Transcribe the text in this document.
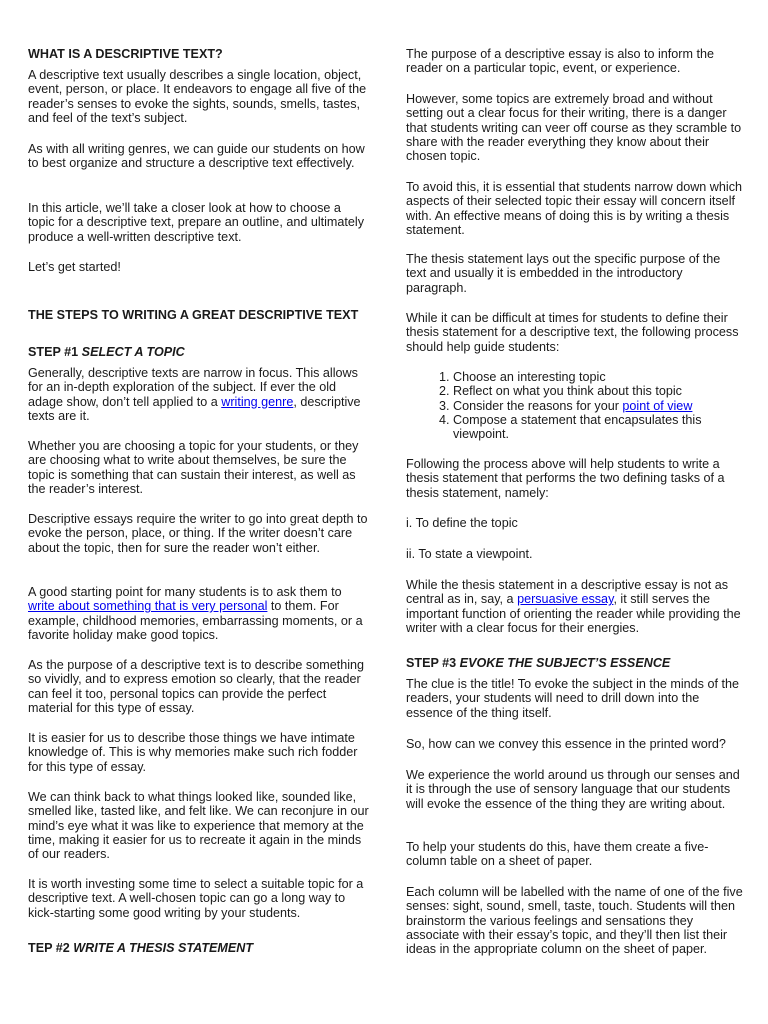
WHAT IS A DESCRIPTIVE TEXT?

A descriptive text usually describes a single location, object, event, person, or place. It endeavors to engage all five of the reader’s senses to evoke the sights, sounds, smells, tastes, and feel of the text’s subject.

As with all writing genres, we can guide our students on how to best organize and structure a descriptive text effectively.

In this article, we’ll take a closer look at how to choose a topic for a descriptive text, prepare an outline, and ultimately produce a well-written descriptive text.

Let’s get started!

THE STEPS TO WRITING A GREAT DESCRIPTIVE TEXT
STEP #1 SELECT A TOPIC

Generally, descriptive texts are narrow in focus. This allows for an in-depth exploration of the subject. If ever the old adage show, don’t tell applied to a writing genre, descriptive texts are it.

Whether you are choosing a topic for your students, or they are choosing what to write about themselves, be sure the topic is something that can sustain their interest, as well as the reader’s interest.

Descriptive essays require the writer to go into great depth to evoke the person, place, or thing. If the writer doesn’t care about the topic, then for sure the reader won’t either.

A good starting point for many students is to ask them to write about something that is very personal to them. For example, childhood memories, embarrassing moments, or a favorite holiday make good topics.

As the purpose of a descriptive text is to describe something so vividly, and to express emotion so clearly, that the reader can feel it too, personal topics can provide the perfect material for this type of essay.

It is easier for us to describe those things we have intimate knowledge of. This is why memories make such rich fodder for this type of essay.

We can think back to what things looked like, sounded like, smelled like, tasted like, and felt like. We can reconjure in our mind’s eye what it was like to experience that memory at the time, making it easier for us to recreate it again in the minds of our readers.

It is worth investing some time to select a suitable topic for a descriptive text. A well-chosen topic can go a long way to kick-starting some good writing by your students.

TEP #2 WRITE A THESIS STATEMENT

The purpose of a descriptive essay is also to inform the reader on a particular topic, event, or experience.

However, some topics are extremely broad and without setting out a clear focus for their writing, there is a danger that students writing can veer off course as they scramble to share with the reader everything they know about their chosen topic.

To avoid this, it is essential that students narrow down which aspects of their selected topic their essay will concern itself with. An effective means of doing this is by writing a thesis statement.

The thesis statement lays out the specific purpose of the text and usually it is embedded in the introductory paragraph.

While it can be difficult at times for students to define their thesis statement for a descriptive text, the following process should help guide students:

1. Choose an interesting topic
2. Reflect on what you think about this topic
3. Consider the reasons for your point of view
4. Compose a statement that encapsulates this viewpoint.

Following the process above will help students to write a thesis statement that performs the two defining tasks of a thesis statement, namely:

i. To define the topic

ii. To state a viewpoint.

While the thesis statement in a descriptive essay is not as central as in, say, a persuasive essay, it still serves the important function of orienting the reader while providing the writer with a clear focus for their energies.

STEP #3 EVOKE THE SUBJECT’S ESSENCE

The clue is the title! To evoke the subject in the minds of the readers, your students will need to drill down into the essence of the thing itself.

So, how can we convey this essence in the printed word?

We experience the world around us through our senses and it is through the use of sensory language that our students will evoke the essence of the thing they are writing about.

To help your students do this, have them create a five-column table on a sheet of paper.

Each column will be labelled with the name of one of the five senses: sight, sound, smell, taste, touch. Students will then brainstorm the various feelings and sensations they associate with their essay’s topic, and they’ll then list their ideas in the appropriate column on the sheet of paper.
